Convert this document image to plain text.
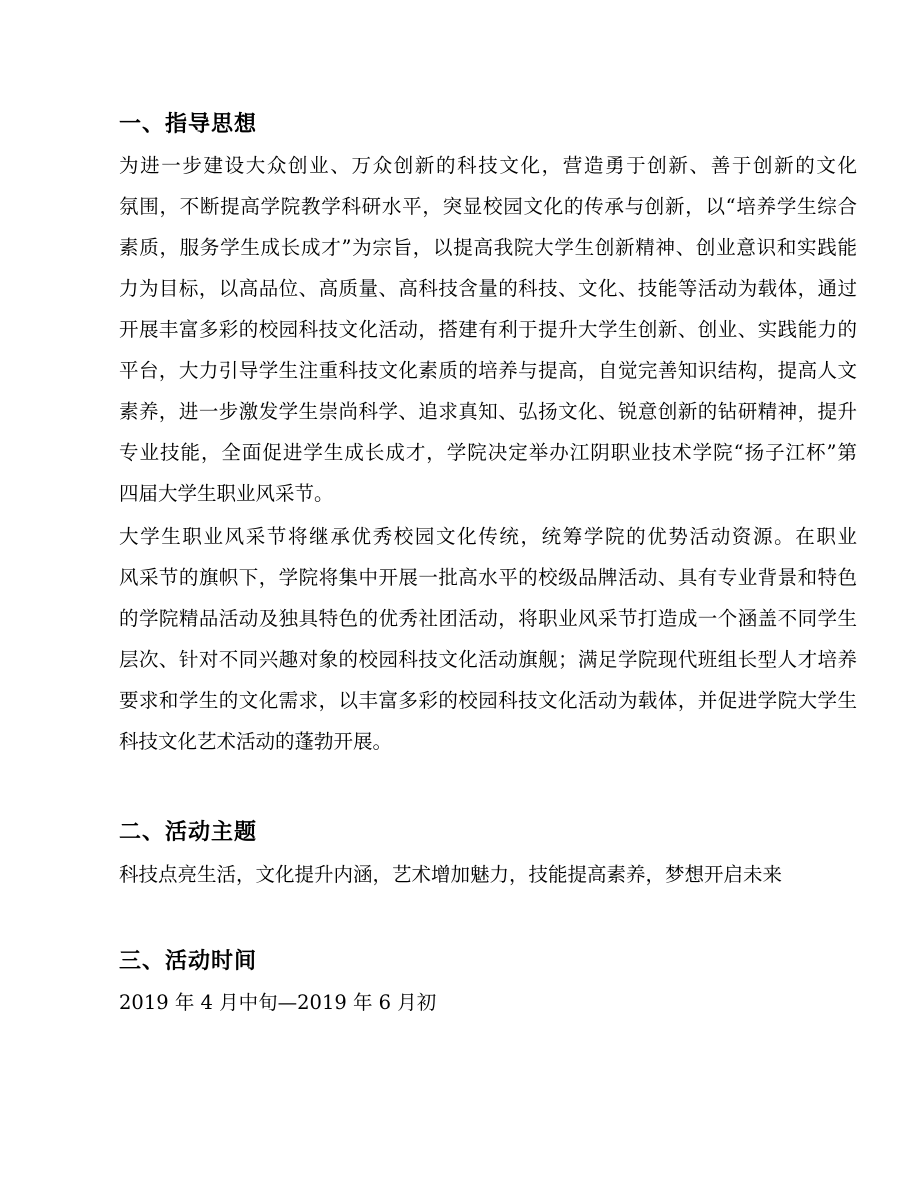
一、指导思想
为进一步建设大众创业、万众创新的科技文化，营造勇于创新、善于创新的文化
氛围，不断提高学院教学科研水平，突显校园文化的传承与创新，以“培养学生综合
素质，服务学生成长成才”为宗旨，以提高我院大学生创新精神、创业意识和实践能
力为目标，以高品位、高质量、高科技含量的科技、文化、技能等活动为载体，通过
开展丰富多彩的校园科技文化活动，搭建有利于提升大学生创新、创业、实践能力的
平台，大力引导学生注重科技文化素质的培养与提高，自觉完善知识结构，提高人文
素养，进一步激发学生崇尚科学、追求真知、弘扬文化、锐意创新的钻研精神，提升
专业技能，全面促进学生成长成才，学院决定举办江阴职业技术学院“扬子江杯”第
四届大学生职业风采节。
大学生职业风采节将继承优秀校园文化传统，统筹学院的优势活动资源。在职业
风采节的旗帜下，学院将集中开展一批高水平的校级品牌活动、具有专业背景和特色
的学院精品活动及独具特色的优秀社团活动，将职业风采节打造成一个涵盖不同学生
层次、针对不同兴趣对象的校园科技文化活动旗舰；满足学院现代班组长型人才培养
要求和学生的文化需求，以丰富多彩的校园科技文化活动为载体，并促进学院大学生
科技文化艺术活动的蓬勃开展。
二、活动主题
科技点亮生活，文化提升内涵，艺术增加魅力，技能提高素养，梦想开启未来
三、活动时间
2019 年 4 月中旬—2019 年 6 月初
